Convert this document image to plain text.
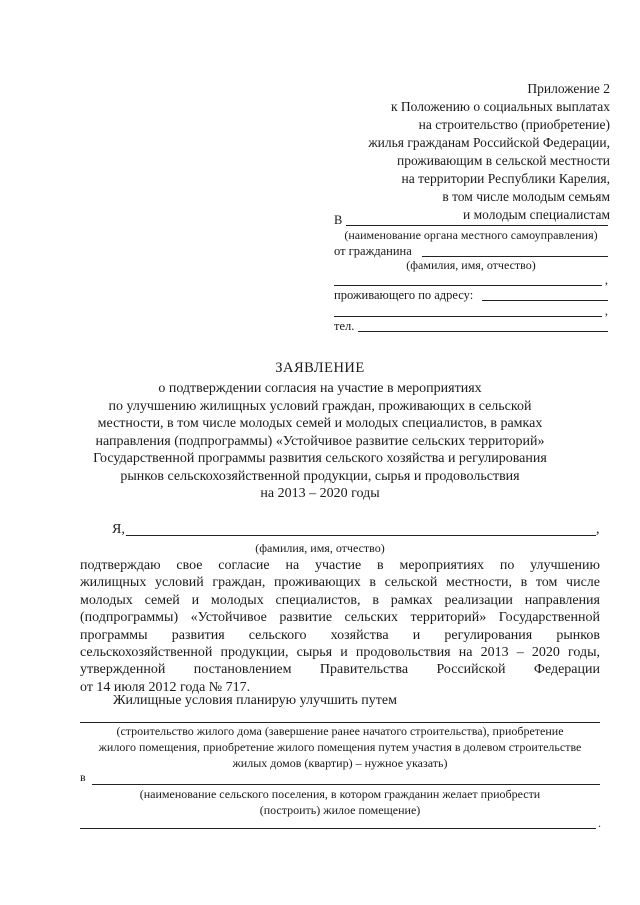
Приложение 2
к Положению о социальных выплатах
на строительство (приобретение)
жилья гражданам Российской Федерации,
проживающим в сельской местности
на территории Республики Карелия,
в том числе молодым семьям
и молодым специалистам
В
(наименование органа местного самоуправления)
от гражданина
(фамилия, имя, отчество)
,
проживающего по адресу:
,
тел.
ЗАЯВЛЕНИЕ
о подтверждении согласия на участие в мероприятиях
по улучшению жилищных условий граждан, проживающих в сельской
местности, в том числе молодых семей и молодых специалистов, в рамках
направления (подпрограммы) «Устойчивое развитие сельских территорий»
Государственной программы развития сельского хозяйства и регулирования
рынков сельскохозяйственной продукции, сырья и продовольствия
на 2013 – 2020 годы
Я,	,
(фамилия, имя, отчество)
подтверждаю свое согласие на участие в мероприятиях по улучшению
жилищных условий граждан, проживающих в сельской местности, в том числе
молодых семей и молодых специалистов, в рамках реализации направления
(подпрограммы) «Устойчивое развитие сельских территорий» Государственной
программы развития сельского хозяйства и регулирования рынков
сельскохозяйственной продукции, сырья и продовольствия на 2013 – 2020 годы,
утвержденной постановлением Правительства Российской Федерации
от 14 июля 2012 года № 717.
Жилищные условия планирую улучшить путем
(строительство жилого дома (завершение ранее начатого строительства), приобретение
жилого помещения, приобретение жилого помещения путем участия в долевом строительстве
жилых домов (квартир) – нужное указать)
в
(наименование сельского поселения, в котором гражданин желает приобрести
(построить) жилое помещение)
.
